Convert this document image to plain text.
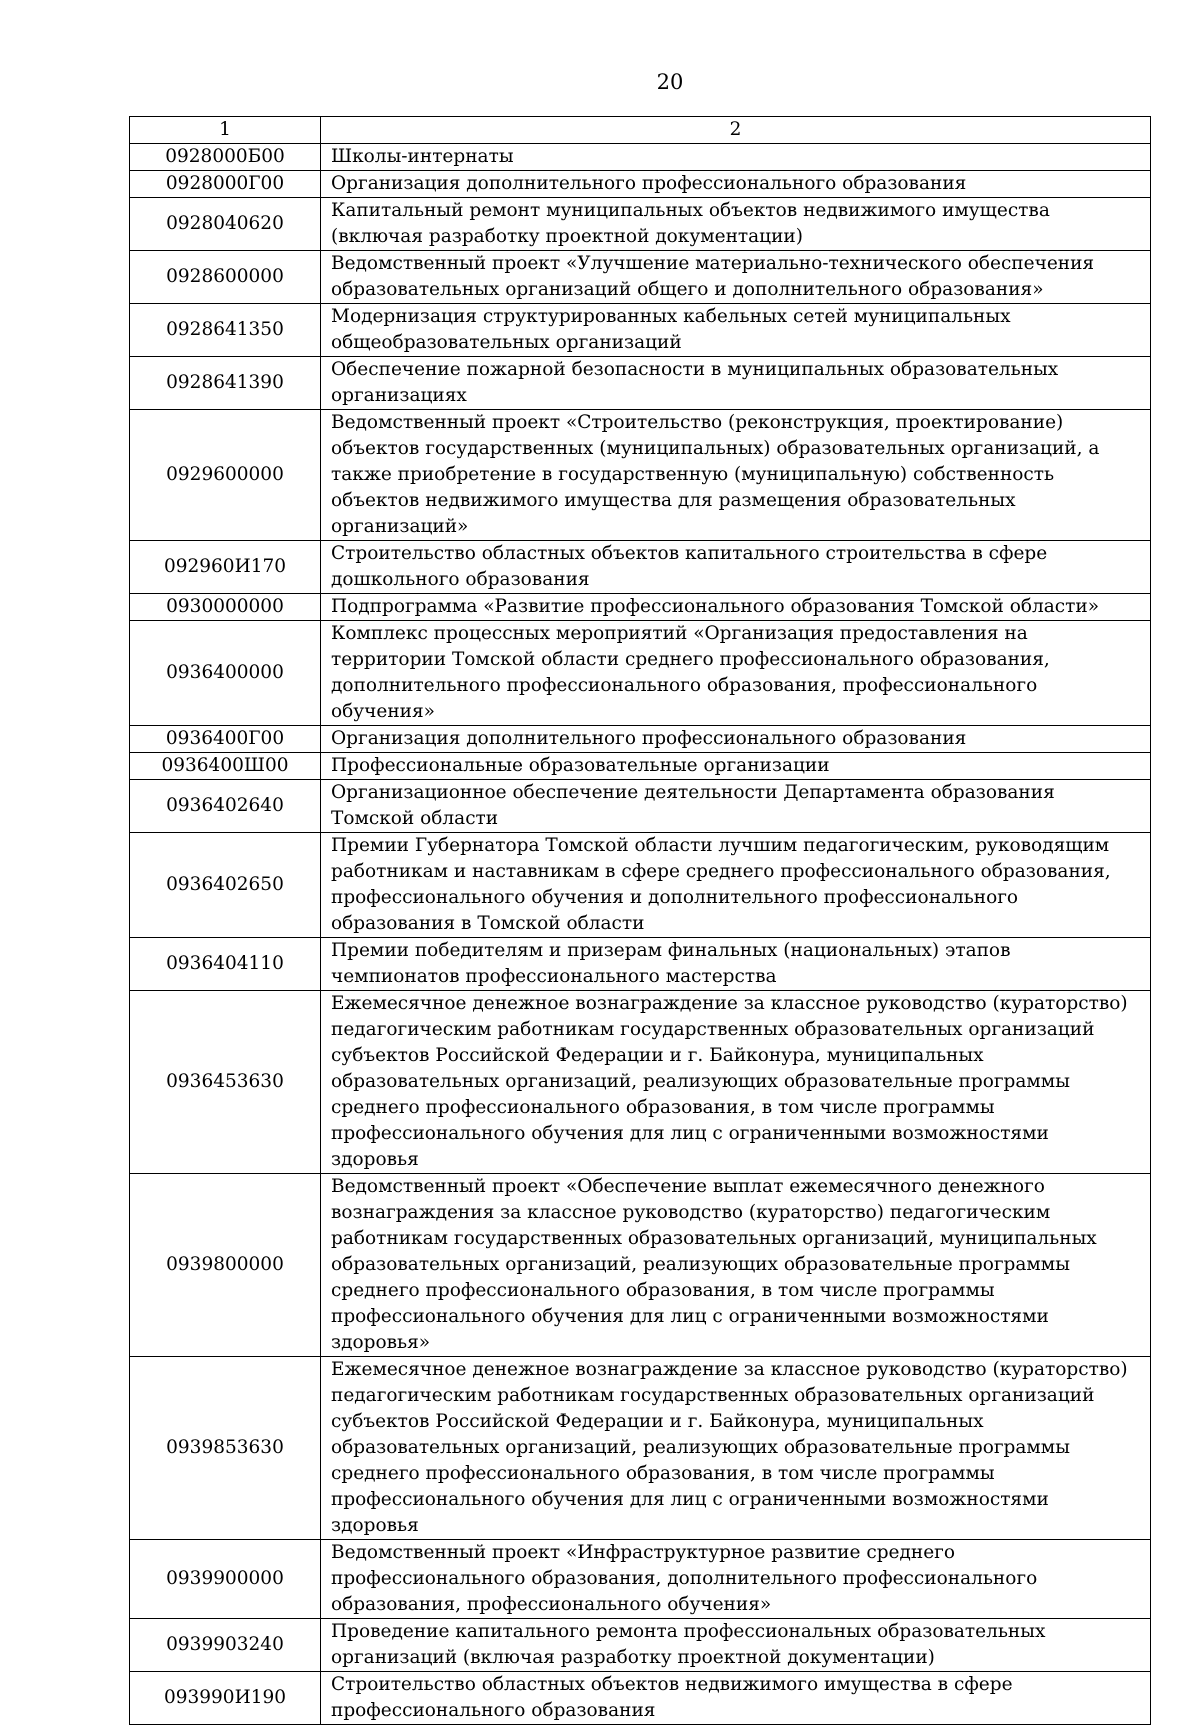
20
1	2
0928000Б00	Школы-интернаты
0928000Г00	Организация дополнительного профессионального образования
0928040620	Капитальный ремонт муниципальных объектов недвижимого имущества (включая разработку проектной документации)
0928600000	Ведомственный проект «Улучшение материально-технического обеспечения образовательных организаций общего и дополнительного образования»
0928641350	Модернизация структурированных кабельных сетей муниципальных общеобразовательных организаций
0928641390	Обеспечение пожарной безопасности в муниципальных образовательных организациях
0929600000	Ведомственный проект «Строительство (реконструкция, проектирование) объектов государственных (муниципальных) образовательных организаций, а также приобретение в государственную (муниципальную) собственность объектов недвижимого имущества для размещения образовательных организаций»
092960И170	Строительство областных объектов капитального строительства в сфере дошкольного образования
0930000000	Подпрограмма «Развитие профессионального образования Томской области»
0936400000	Комплекс процессных мероприятий «Организация предоставления на территории Томской области среднего профессионального образования, дополнительного профессионального образования, профессионального обучения»
0936400Г00	Организация дополнительного профессионального образования
0936400Ш00	Профессиональные образовательные организации
0936402640	Организационное обеспечение деятельности Департамента образования Томской области
0936402650	Премии Губернатора Томской области лучшим педагогическим, руководящим работникам и наставникам в сфере среднего профессионального образования, профессионального обучения и дополнительного профессионального образования в Томской области
0936404110	Премии победителям и призерам финальных (национальных) этапов чемпионатов профессионального мастерства
0936453630	Ежемесячное денежное вознаграждение за классное руководство (кураторство) педагогическим работникам государственных образовательных организаций субъектов Российской Федерации и г. Байконура, муниципальных образовательных организаций, реализующих образовательные программы среднего профессионального образования, в том числе программы профессионального обучения для лиц с ограниченными возможностями здоровья
0939800000	Ведомственный проект «Обеспечение выплат ежемесячного денежного вознаграждения за классное руководство (кураторство) педагогическим работникам государственных образовательных организаций, муниципальных образовательных организаций, реализующих образовательные программы среднего профессионального образования, в том числе программы профессионального обучения для лиц с ограниченными возможностями здоровья»
0939853630	Ежемесячное денежное вознаграждение за классное руководство (кураторство) педагогическим работникам государственных образовательных организаций субъектов Российской Федерации и г. Байконура, муниципальных образовательных организаций, реализующих образовательные программы среднего профессионального образования, в том числе программы профессионального обучения для лиц с ограниченными возможностями здоровья
0939900000	Ведомственный проект «Инфраструктурное развитие среднего профессионального образования, дополнительного профессионального образования, профессионального обучения»
0939903240	Проведение капитального ремонта профессиональных образовательных организаций (включая разработку проектной документации)
093990И190	Строительство областных объектов недвижимого имущества в сфере профессионального образования
